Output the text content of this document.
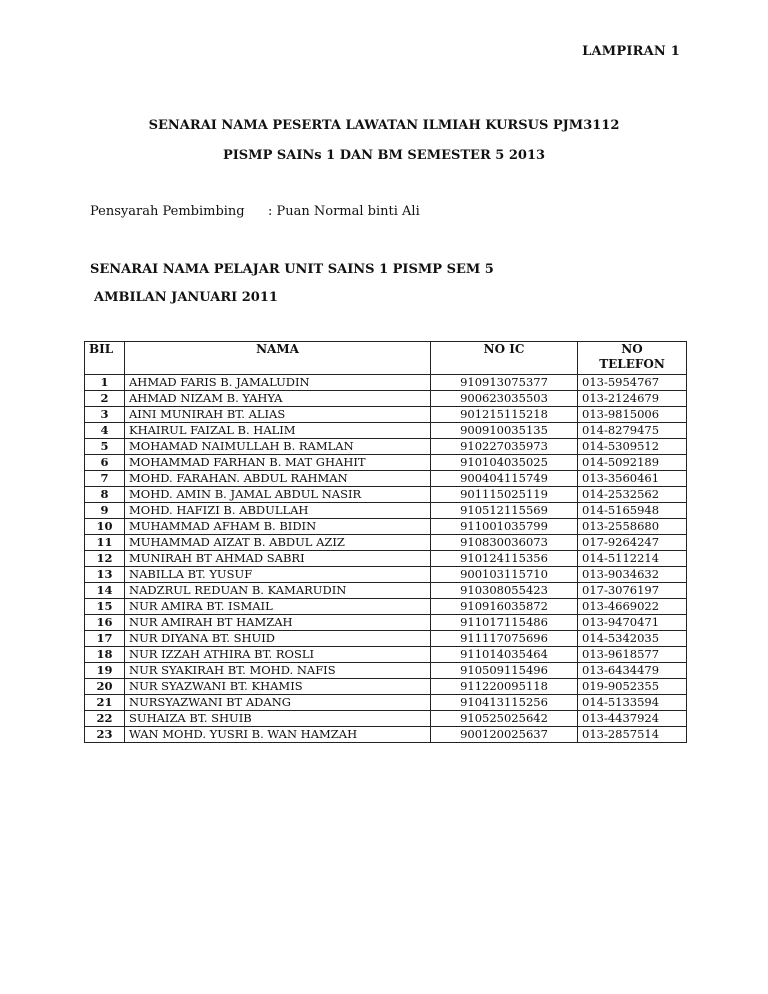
LAMPIRAN 1
SENARAI NAMA PESERTA LAWATAN ILMIAH KURSUS PJM3112
PISMP SAINs 1 DAN BM SEMESTER 5 2013
Pensyarah Pembimbing : Puan Normal binti Ali
SENARAI NAMA PELAJAR UNIT SAINS 1 PISMP SEM 5
AMBILAN JANUARI 2011
BIL	NAMA	NO IC	NO
TELEFON

1	AHMAD FARIS B. JAMALUDIN	910913075377	013-5954767
2	AHMAD NIZAM B. YAHYA	900623035503	013-2124679
3	AINI MUNIRAH BT. ALIAS	901215115218	013-9815006
4	KHAIRUL FAIZAL B. HALIM	900910035135	014-8279475
5	MOHAMAD NAIMULLAH B. RAMLAN	910227035973	014-5309512
6	MOHAMMAD FARHAN B. MAT GHAHIT	910104035025	014-5092189
7	MOHD. FARAHAN. ABDUL RAHMAN	900404115749	013-3560461
8	MOHD. AMIN B. JAMAL ABDUL NASIR	901115025119	014-2532562
9	MOHD. HAFIZI B. ABDULLAH	910512115569	014-5165948
10	MUHAMMAD AFHAM B. BIDIN	911001035799	013-2558680
11	MUHAMMAD AIZAT B. ABDUL AZIZ	910830036073	017-9264247
12	MUNIRAH BT AHMAD SABRI	910124115356	014-5112214
13	NABILLA BT. YUSUF	900103115710	013-9034632
14	NADZRUL REDUAN B. KAMARUDIN	910308055423	017-3076197
15	NUR AMIRA BT. ISMAIL	910916035872	013-4669022
16	NUR AMIRAH BT HAMZAH	911017115486	013-9470471
17	NUR DIYANA BT. SHUID	911117075696	014-5342035
18	NUR IZZAH ATHIRA BT. ROSLI	911014035464	013-9618577
19	NUR SYAKIRAH BT. MOHD. NAFIS	910509115496	013-6434479
20	NUR SYAZWANI BT. KHAMIS	911220095118	019-9052355
21	NURSYAZWANI BT ADANG	910413115256	014-5133594
22	SUHAIZA BT. SHUIB	910525025642	013-4437924
23	WAN MOHD. YUSRI B. WAN HAMZAH	900120025637	013-2857514
